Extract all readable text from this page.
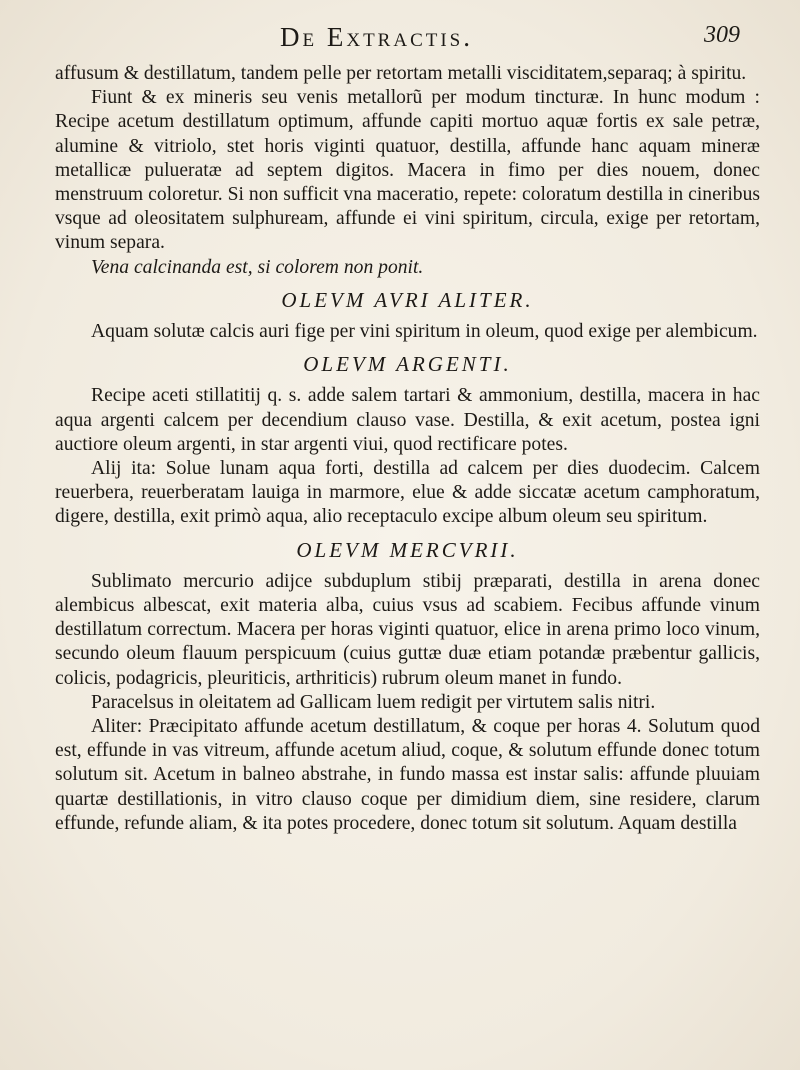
De Extractis.	309

affusum & destillatum, tandem pelle per retortam metalli visciditatem,separaq; à spiritu.

Fiunt & ex mineris seu venis metallorũ per modum tincturæ. In hunc modum : Recipe acetum destillatum optimum, affunde capiti mortuo aquæ fortis ex sale petræ, alumine & vitriolo, stet horis viginti quatuor, destilla, affunde hanc aquam mineræ metallicæ pulueratæ ad septem digitos. Macera in fimo per dies nouem, donec menstruum coloretur. Si non sufficit vna maceratio, repete: coloratum destilla in cineribus vsque ad oleositatem sulphuream, affunde ei vini spiritum, circula, exige per retortam, vinum separa.

Vena calcinanda est, si colorem non ponit.

OLEVM AVRI ALITER.

Aquam solutæ calcis auri fige per vini spiritum in oleum, quod exige per alembicum.

OLEVM ARGENTI.

Recipe aceti stillatitij q. s. adde salem tartari & ammonium, destilla, macera in hac aqua argenti calcem per decendium clauso vase. Destilla, & exit acetum, postea igni auctiore oleum argenti, in star argenti viui, quod rectificare potes.

Alij ita: Solue lunam aqua forti, destilla ad calcem per dies duodecim. Calcem reuerbera, reuerberatam lauiga in marmore, elue & adde siccatæ acetum camphoratum, digere, destilla, exit primò aqua, alio receptaculo excipe album oleum seu spiritum.

OLEVM MERCVRII.

Sublimato mercurio adijce subduplum stibij præparati, destilla in arena donec alembicus albescat, exit materia alba, cuius vsus ad scabiem. Fecibus affunde vinum destillatum correctum. Macera per horas viginti quatuor, elice in arena primo loco vinum, secundo oleum flauum perspicuum (cuius guttæ duæ etiam potandæ præbentur gallicis, colicis, podagricis, pleuriticis, arthriticis) rubrum oleum manet in fundo.

Paracelsus in oleitatem ad Gallicam luem redigit per virtutem salis nitri.

Aliter: Præcipitato affunde acetum destillatum, & coque per horas 4. Solutum quod est, effunde in vas vitreum, affunde acetum aliud, coque, & solutum effunde donec totum solutum sit. Acetum in balneo abstrahe, in fundo massa est instar salis: affunde pluuiam quartæ destillationis, in vitro clauso coque per dimidium diem, sine residere, clarum effunde, refunde aliam, & ita potes procedere, donec totum sit solutum. Aquam destilla
